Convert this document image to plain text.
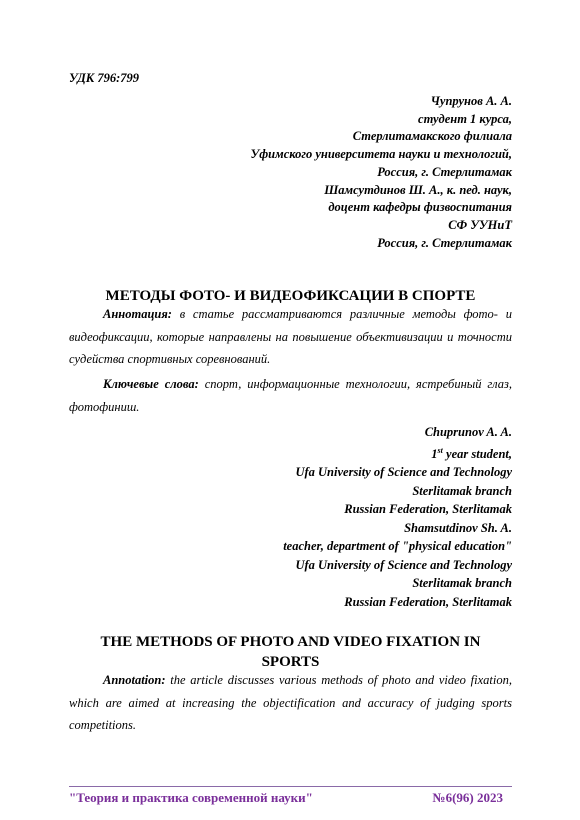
УДК 796:799
Чупрунов А. А.
студент 1 курса,
Стерлитамакского филиала
Уфимского университета науки и технологий,
Россия, г. Стерлитамак
Шамсутдинов Ш. А., к. пед. наук,
доцент кафедры физвоспитания
СФ УУНиТ
Россия, г. Стерлитамак
МЕТОДЫ ФОТО- И ВИДЕОФИКСАЦИИ В СПОРТЕ
Аннотация: в статье рассматриваются различные методы фото- и видеофиксации, которые направлены на повышение объективизации и точности судейства спортивных соревнований.
Ключевые слова: спорт, информационные технологии, ястребиный глаз, фотофиниш.
Chuprunov A. A.
1st year student,
Ufa University of Science and Technology
Sterlitamak branch
Russian Federation, Sterlitamak
Shamsutdinov Sh. A.
teacher, department of "physical education"
Ufa University of Science and Technology
Sterlitamak branch
Russian Federation, Sterlitamak
THE METHODS OF PHOTO AND VIDEO FIXATION IN
SPORTS
Annotation: the article discusses various methods of photo and video fixation, which are aimed at increasing the objectification and accuracy of judging sports competitions.
"Теория и практика современной науки"	№6(96) 2023
